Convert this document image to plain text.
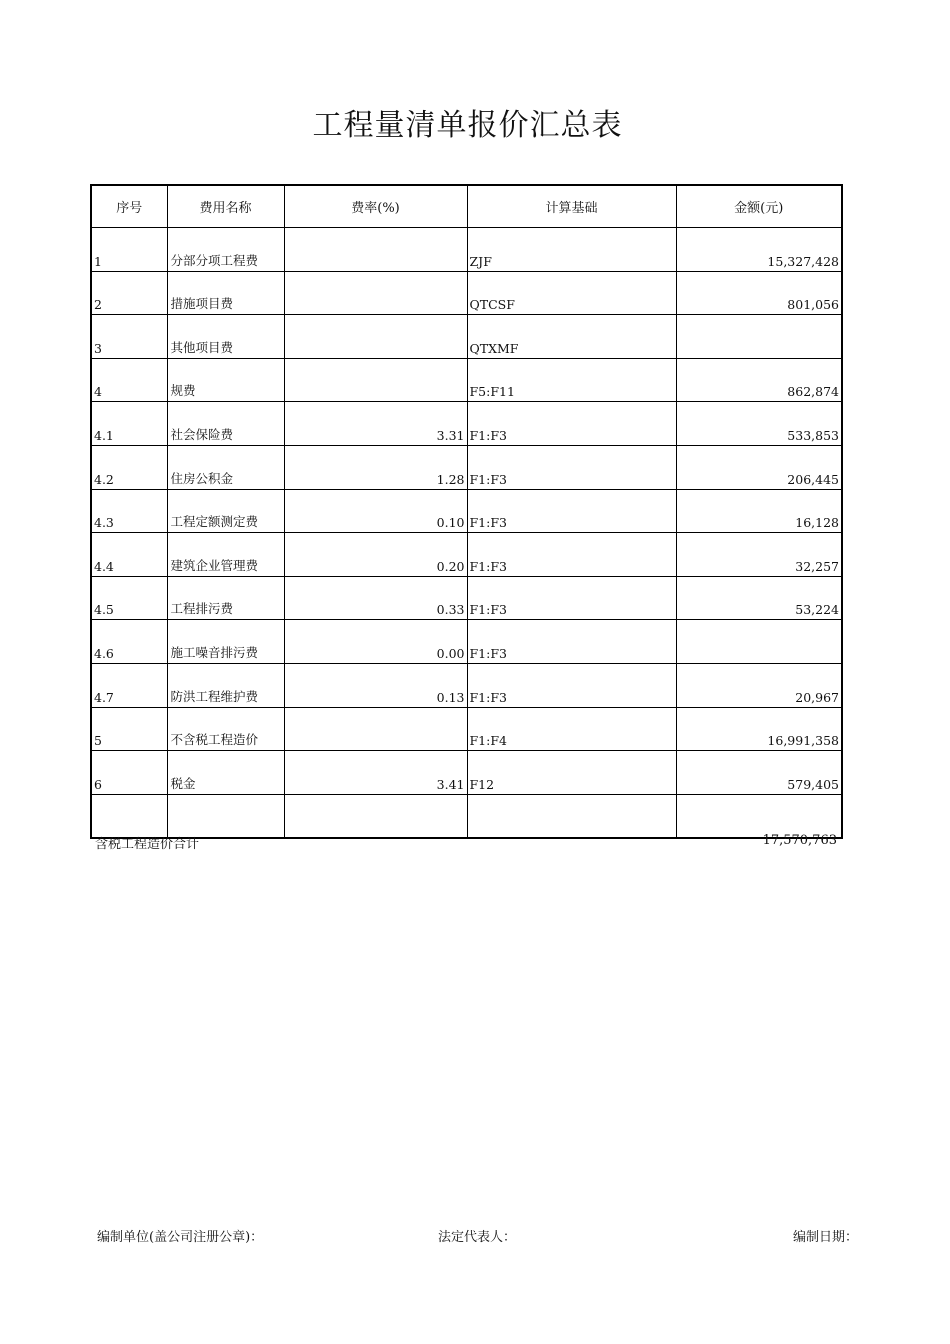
工程量清单报价汇总表
序号	费用名称	费率(%)	计算基础	金额(元)
1	分部分项工程费		ZJF	15,327,428
2	措施项目费		QTCSF	801,056
3	其他项目费		QTXMF	
4	规费		F5:F11	862,874
4.1	社会保险费	3.31	F1:F3	533,853
4.2	住房公积金	1.28	F1:F3	206,445
4.3	工程定额测定费	0.10	F1:F3	16,128
4.4	建筑企业管理费	0.20	F1:F3	32,257
4.5	工程排污费	0.33	F1:F3	53,224
4.6	施工噪音排污费	0.00	F1:F3	
4.7	防洪工程维护费	0.13	F1:F3	20,967
5	不含税工程造价		F1:F4	16,991,358
6	税金	3.41	F12	579,405

含税工程造价合计	17,570,763
编制单位(盖公司注册公章)：	法定代表人：	编制日期：
